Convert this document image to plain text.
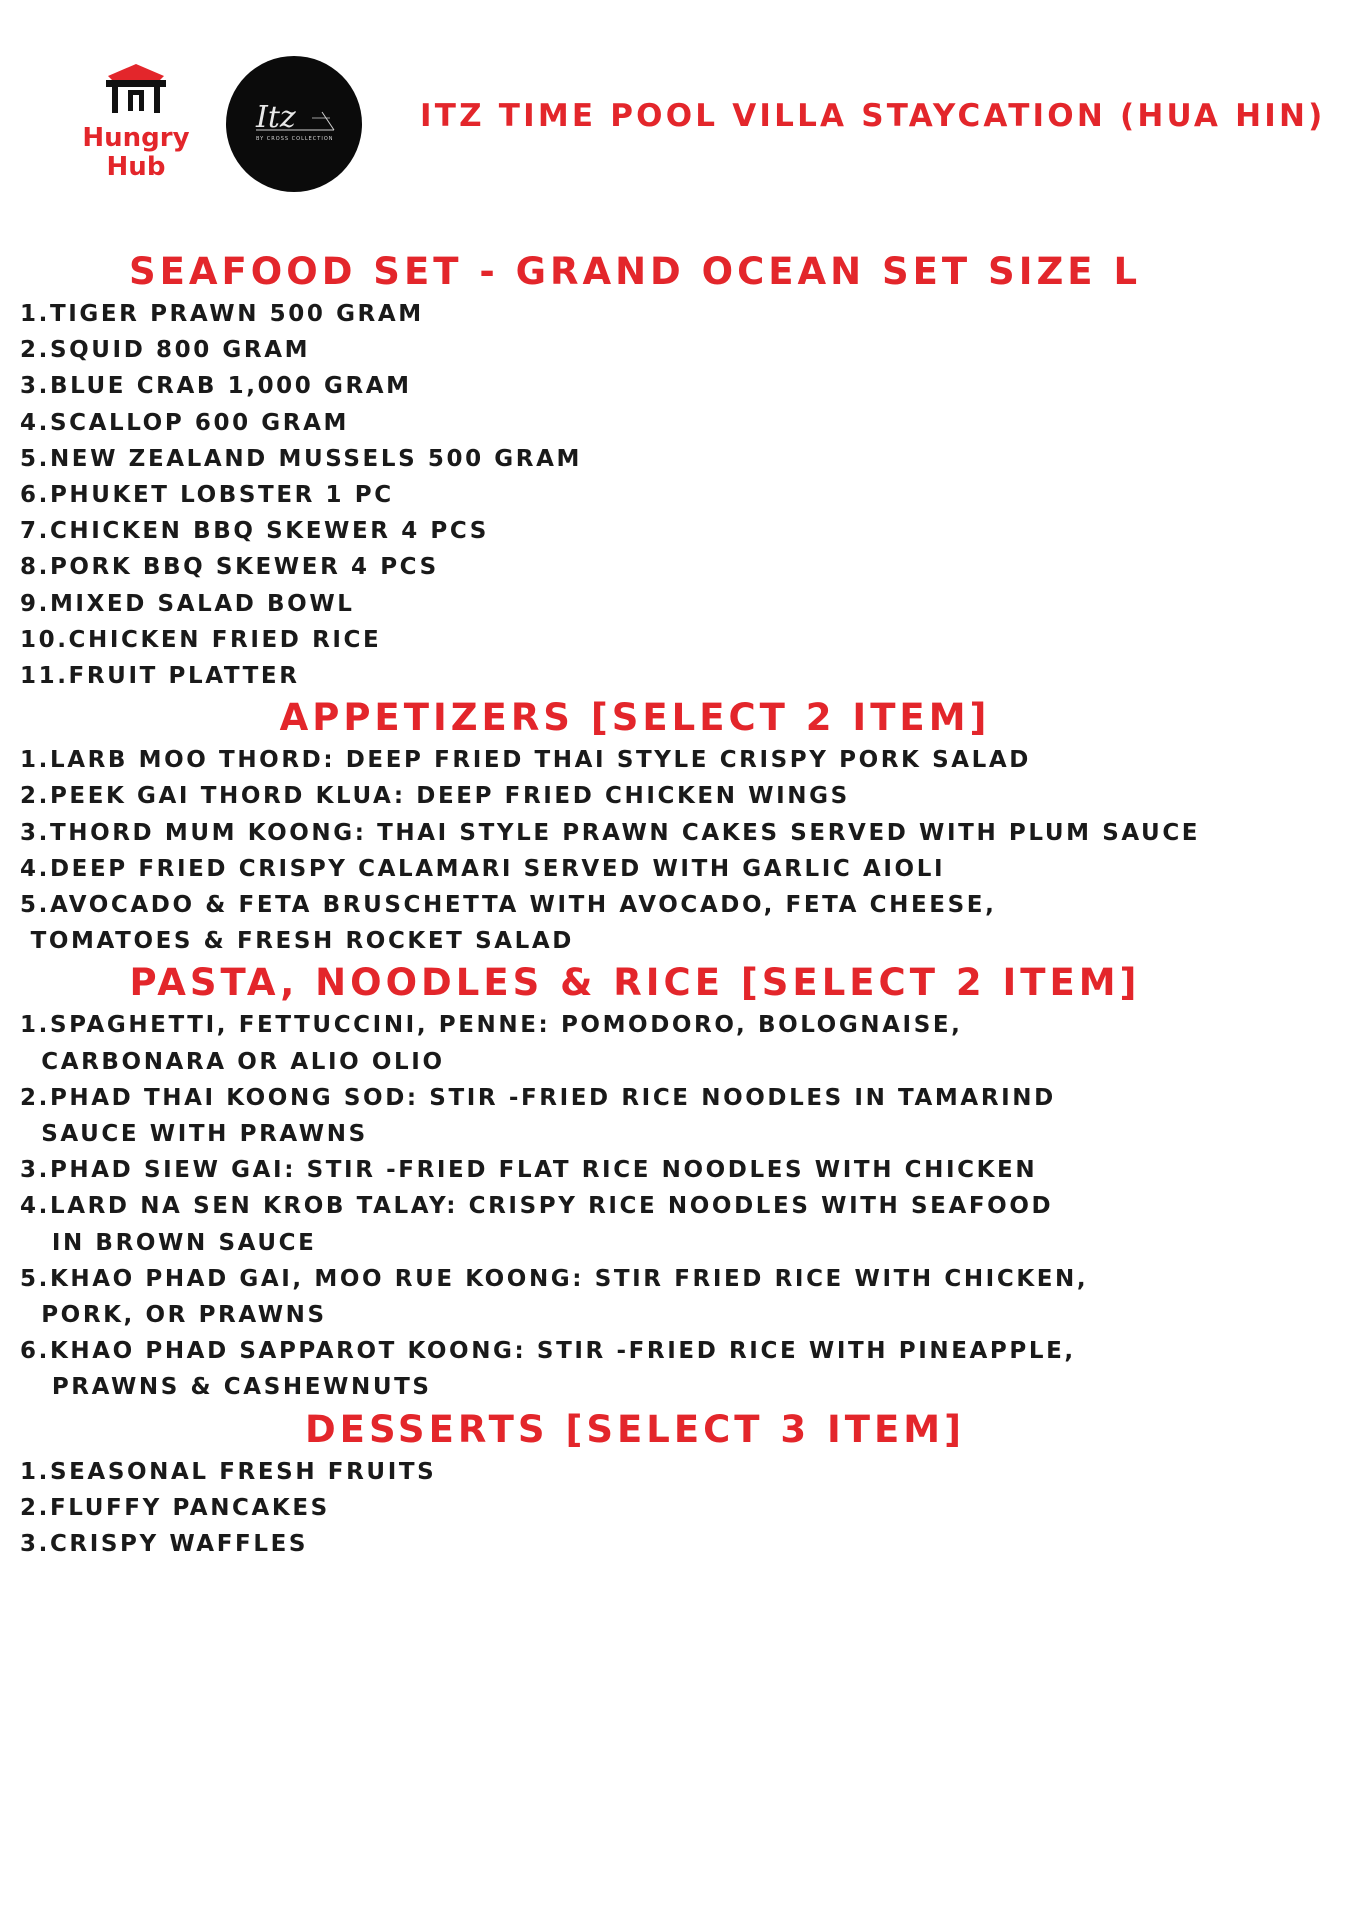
Hungry
Hub
Itz
BY CROSS COLLECTION
ITZ TIME POOL VILLA STAYCATION (HUA HIN)
SEAFOOD SET - GRAND OCEAN SET SIZE L
1.TIGER PRAWN 500 GRAM
2.SQUID 800 GRAM
3.BLUE CRAB 1,000 GRAM
4.SCALLOP 600 GRAM
5.NEW ZEALAND MUSSELS 500 GRAM
6.PHUKET LOBSTER 1 PC
7.CHICKEN BBQ SKEWER 4 PCS
8.PORK BBQ SKEWER 4 PCS
9.MIXED SALAD BOWL
10.CHICKEN FRIED RICE
11.FRUIT PLATTER
APPETIZERS [SELECT 2 ITEM]
1.LARB MOO THORD: DEEP FRIED THAI STYLE CRISPY PORK SALAD
2.PEEK GAI THORD KLUA: DEEP FRIED CHICKEN WINGS
3.THORD MUM KOONG: THAI STYLE PRAWN CAKES SERVED WITH PLUM SAUCE
4.DEEP FRIED CRISPY CALAMARI SERVED WITH GARLIC AIOLI
5.AVOCADO & FETA BRUSCHETTA WITH AVOCADO, FETA CHEESE,
TOMATOES & FRESH ROCKET SALAD
PASTA, NOODLES & RICE [SELECT 2 ITEM]
1.SPAGHETTI, FETTUCCINI, PENNE: POMODORO, BOLOGNAISE,
CARBONARA OR ALIO OLIO
2.PHAD THAI KOONG SOD: STIR -FRIED RICE NOODLES IN TAMARIND
SAUCE WITH PRAWNS
3.PHAD SIEW GAI: STIR -FRIED FLAT RICE NOODLES WITH CHICKEN
4.LARD NA SEN KROB TALAY: CRISPY RICE NOODLES WITH SEAFOOD
IN BROWN SAUCE
5.KHAO PHAD GAI, MOO RUE KOONG: STIR FRIED RICE WITH CHICKEN,
PORK, OR PRAWNS
6.KHAO PHAD SAPPAROT KOONG: STIR -FRIED RICE WITH PINEAPPLE,
PRAWNS & CASHEWNUTS
DESSERTS [SELECT 3 ITEM]
1.SEASONAL FRESH FRUITS
2.FLUFFY PANCAKES
3.CRISPY WAFFLES
